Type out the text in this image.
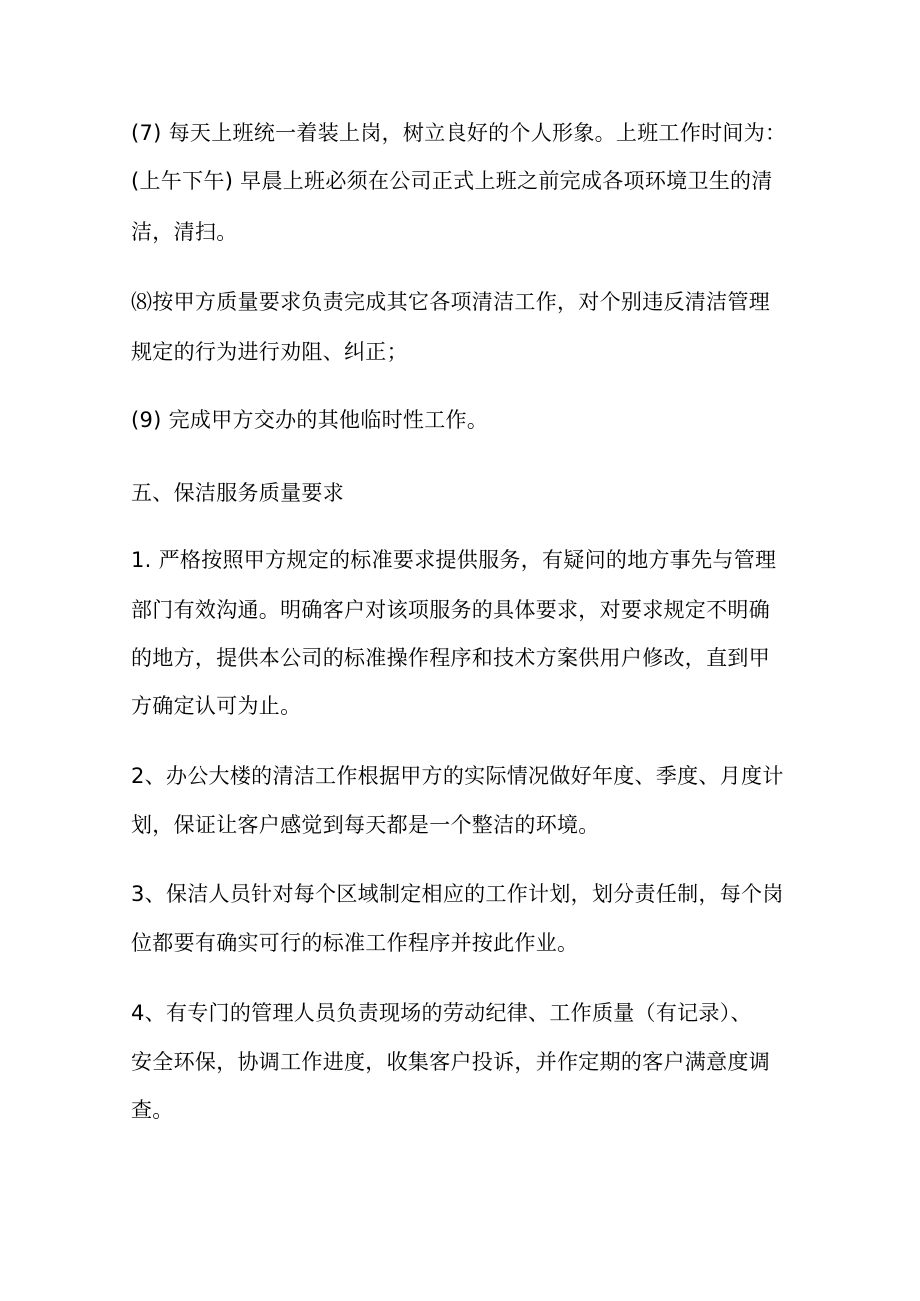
(7) 每天上班统一着装上岗，树立良好的个人形象。上班工作时间为：
(上午下午) 早晨上班必须在公司正式上班之前完成各项环境卫生的清
洁，清扫。
⑻按甲方质量要求负责完成其它各项清洁工作，对个别违反清洁管理
规定的行为进行劝阻、纠正；
(9) 完成甲方交办的其他临时性工作。
五、保洁服务质量要求
1. 严格按照甲方规定的标准要求提供服务，有疑问的地方事先与管理
部门有效沟通。明确客户对该项服务的具体要求，对要求规定不明确
的地方，提供本公司的标准操作程序和技术方案供用户修改，直到甲
方确定认可为止。
2、办公大楼的清洁工作根据甲方的实际情况做好年度、季度、月度计
划，保证让客户感觉到每天都是一个整洁的环境。
3、保洁人员针对每个区域制定相应的工作计划，划分责任制，每个岗
位都要有确实可行的标准工作程序并按此作业。
4、有专门的管理人员负责现场的劳动纪律、工作质量（有记录）、
安全环保，协调工作进度，收集客户投诉，并作定期的客户满意度调
查。
